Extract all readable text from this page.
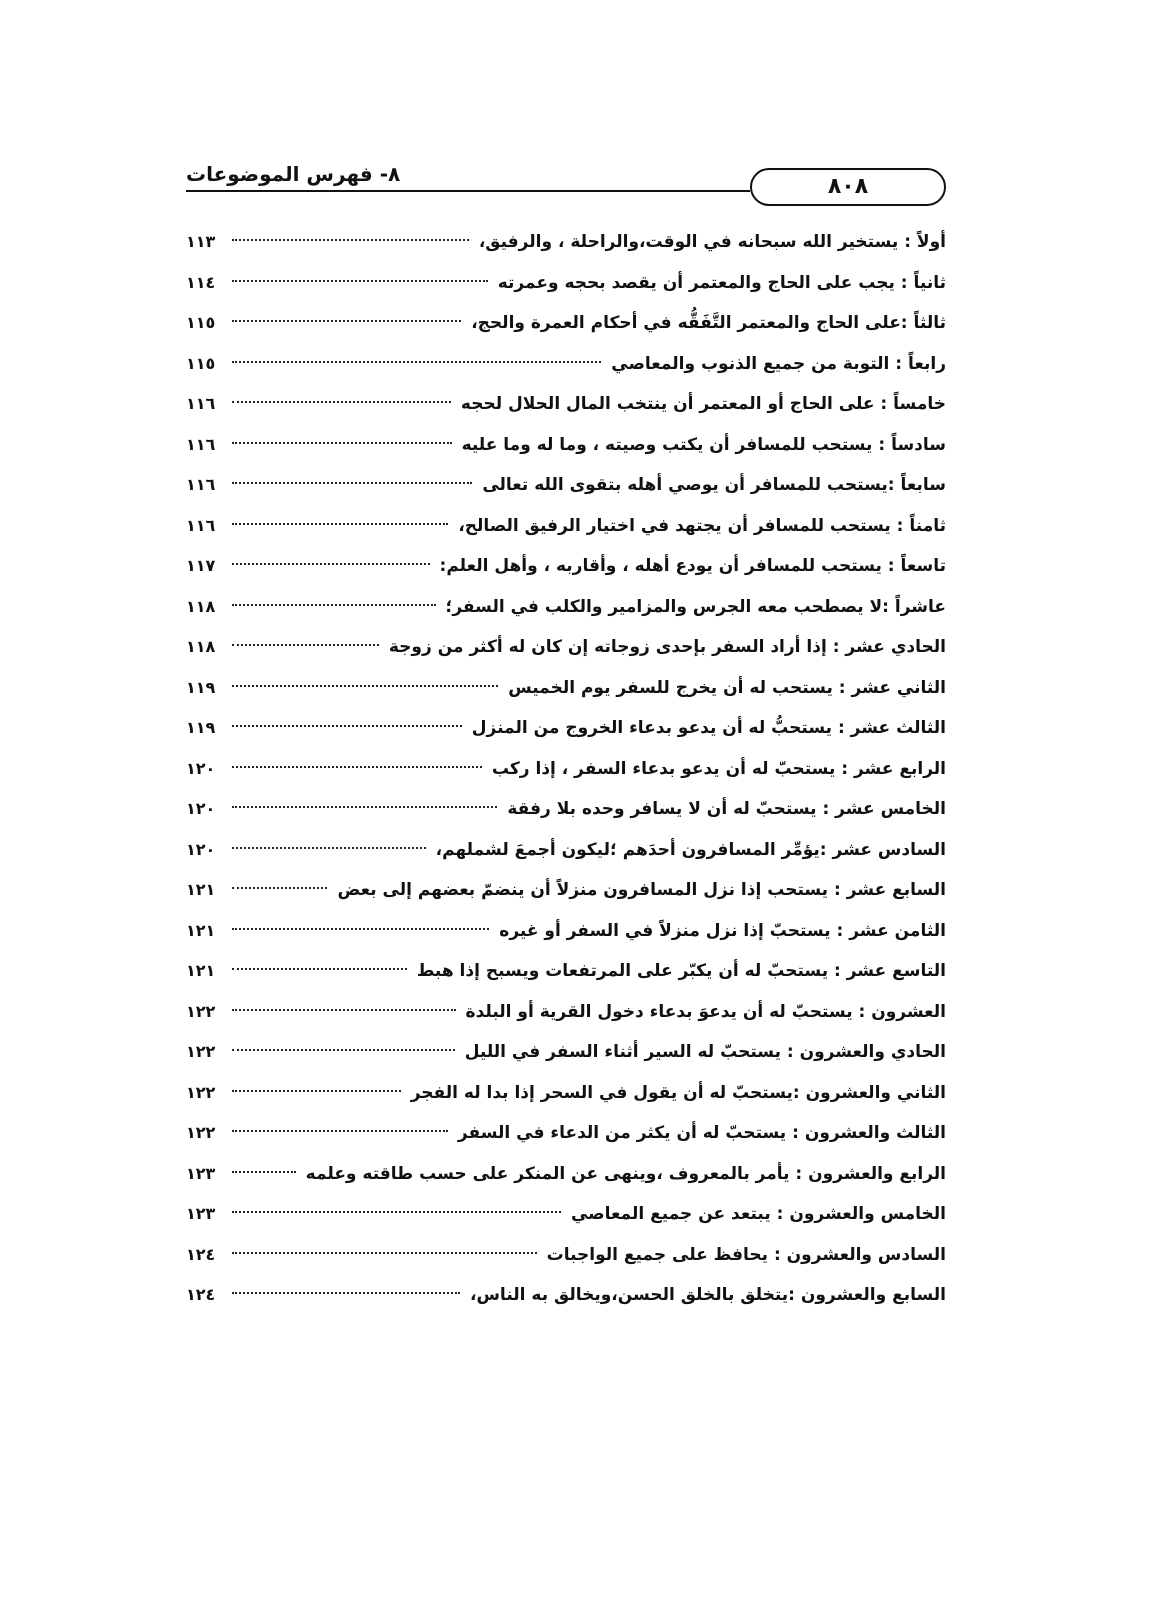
٨- فهرس الموضوعات	٨٠٨
أولاً : يستخير الله سبحانه في الوقت،والراحلة ، والرفيق،
١١٣
ثانياً : يجب على الحاج والمعتمر أن يقصد بحجه وعمرته
١١٤
ثالثاً :على الحاج والمعتمر التَّفَقُّه في أحكام العمرة والحج،
١١٥
رابعاً : التوبة من جميع الذنوب والمعاصي
١١٥
خامساً : على الحاج أو المعتمر أن ينتخب المال الحلال لحجه
١١٦
سادساً : يستحب للمسافر أن يكتب وصيته ، وما له وما عليه
١١٦
سابعاً :يستحب للمسافر أن يوصي أهله بتقوى الله تعالى
١١٦
ثامناً : يستحب للمسافر أن يجتهد في اختيار الرفيق الصالح،
١١٦
تاسعاً : يستحب للمسافر أن يودع أهله ، وأقاربه ، وأهل العلم:
١١٧
عاشراً :لا يصطحب معه الجرس والمزامير والكلب في السفر؛
١١٨
الحادي عشر : إذا أراد السفر بإحدى زوجاته إن كان له أكثر من زوجة
١١٨
الثاني عشر : يستحب له أن يخرج للسفر يوم الخميس
١١٩
الثالث عشر : يستحبُّ له أن يدعو بدعاء الخروج من المنزل
١١٩
الرابع عشر : يستحبّ له أن يدعو بدعاء السفر ، إذا ركب
١٢٠
الخامس عشر : يستحبّ له أن لا يسافر وحده بلا رفقة
١٢٠
السادس عشر :يؤمِّر المسافرون أحدَهم ؛ليكون أجمعَ لشملهم،
١٢٠
السابع عشر : يستحب إذا نزل المسافرون منزلاً أن ينضمّ بعضهم إلى بعض
١٢١
الثامن عشر : يستحبّ إذا نزل منزلاً في السفر أو غيره
١٢١
التاسع عشر : يستحبّ له أن يكبّر على المرتفعات ويسبح إذا هبط
١٢١
العشرون : يستحبّ له أن يدعوَ بدعاء دخول القرية أو البلدة
١٢٢
الحادي والعشرون : يستحبّ له السير أثناء السفر في الليل
١٢٢
الثاني والعشرون :يستحبّ له أن يقول في السحر إذا بدا له الفجر
١٢٢
الثالث والعشرون : يستحبّ له أن يكثر من الدعاء في السفر
١٢٢
الرابع والعشرون : يأمر بالمعروف ،وينهى عن المنكر على حسب طاقته وعلمه
١٢٣
الخامس والعشرون : يبتعد عن جميع المعاصي
١٢٣
السادس والعشرون : يحافظ على جميع الواجبات
١٢٤
السابع والعشرون :يتخلق بالخلق الحسن،ويخالق به الناس،
١٢٤
